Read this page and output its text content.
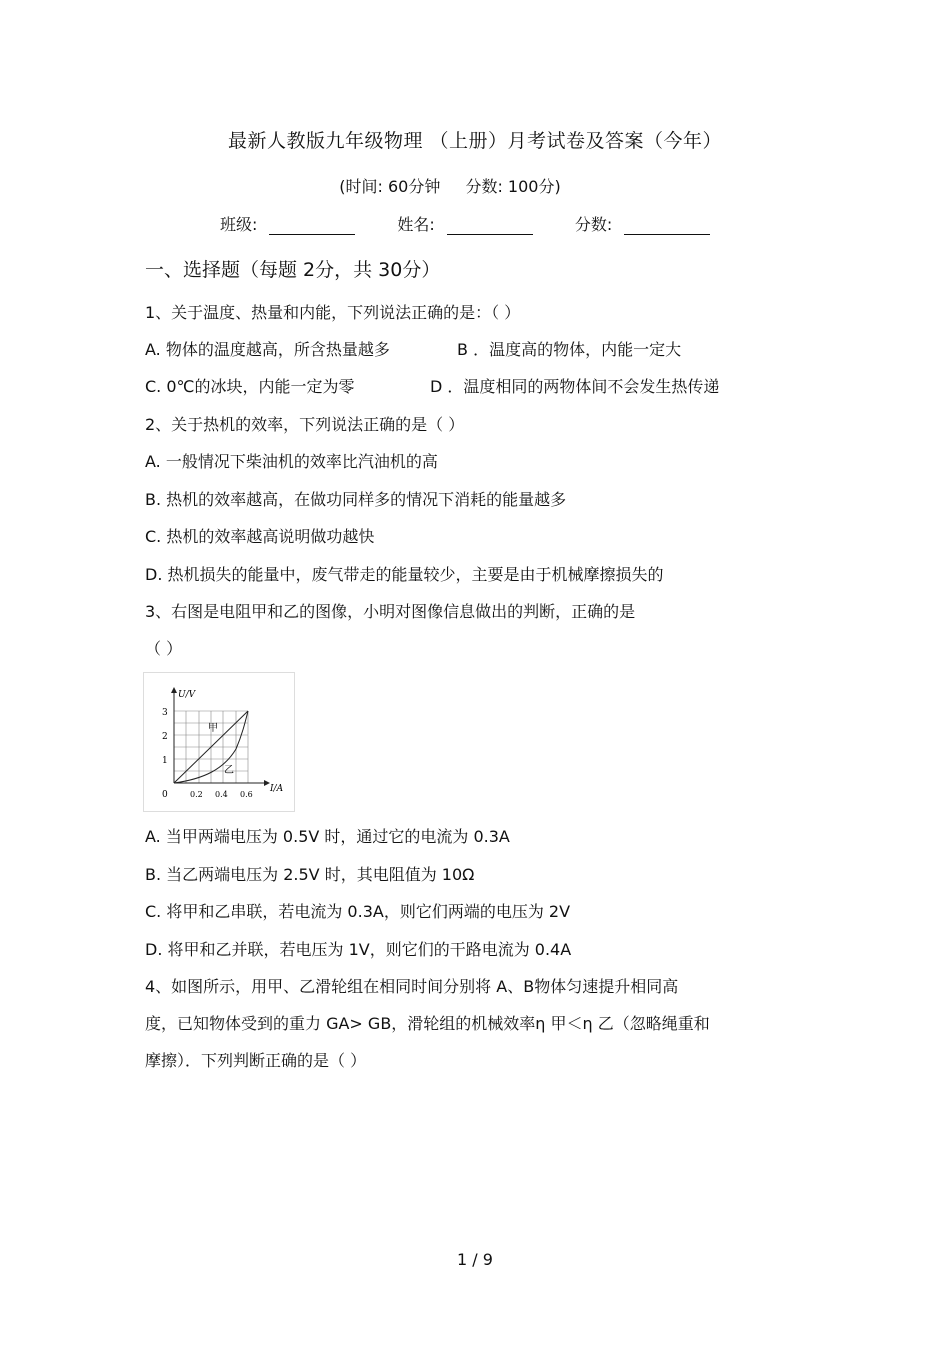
最新人教版九年级物理 （上册）月考试卷及答案（今年）
(时间: 60分钟 分数: 100分)
班级:	姓名:	分数:
一、选择题（每题 2分，共 30分）
1、关于温度、热量和内能，下列说法正确的是：（ ）
A. 物体的温度越高，所含热量越多	B ．温度高的物体，内能一定大
C. 0℃的冰块，内能一定为零	D ．温度相同的两物体间不会发生热传递
2、关于热机的效率，下列说法正确的是（ ）
A. 一般情况下柴油机的效率比汽油机的高
B. 热机的效率越高，在做功同样多的情况下消耗的能量越多
C. 热机的效率越高说明做功越快
D. 热机损失的能量中，废气带走的能量较少，主要是由于机械摩擦损失的
3、右图是电阻甲和乙的图像，小明对图像信息做出的判断，正确的是
（ ）
U/V
I/A
3
2
1
0	0.2 0.4 0.6
甲
乙
A. 当甲两端电压为 0.5V 时，通过它的电流为 0.3A
B. 当乙两端电压为 2.5V 时，其电阻值为 10Ω
C. 将甲和乙串联，若电流为 0.3A，则它们两端的电压为 2V
D. 将甲和乙并联，若电压为 1V，则它们的干路电流为 0.4A
4、如图所示，用甲、乙滑轮组在相同时间分别将 A、B物体匀速提升相同高
度，已知物体受到的重力 GA> GB，滑轮组的机械效率η 甲＜η 乙（忽略绳重和
摩擦）．下列判断正确的是（ ）
1 / 9
